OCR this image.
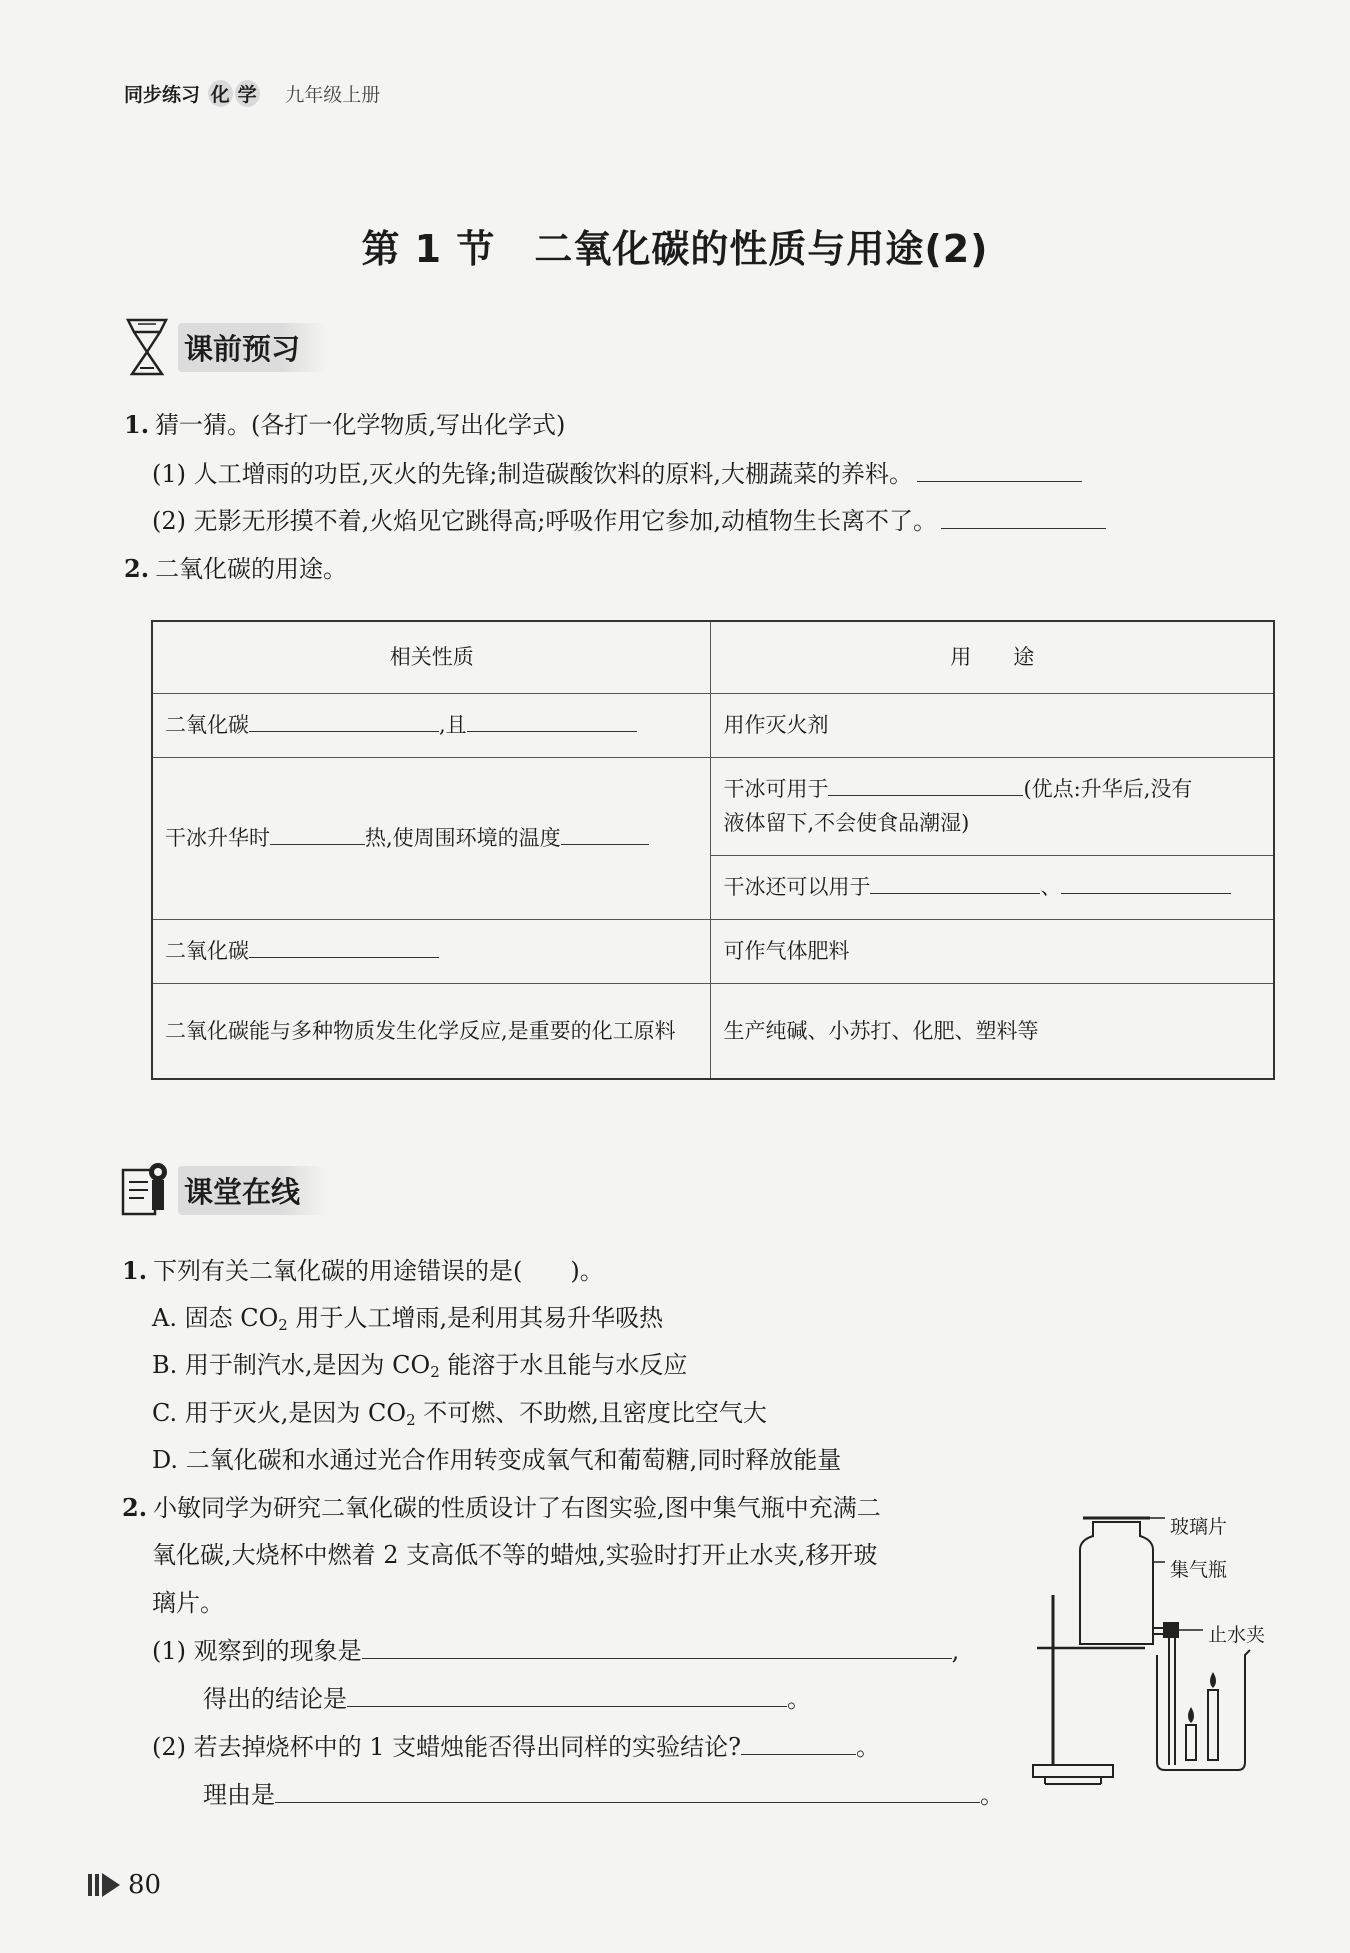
同步练习 化 学 九年级上册
第 1 节　二氧化碳的性质与用途(2)
课前预习
1. 猜一猜。(各打一化学物质,写出化学式)
(1) 人工增雨的功臣,灭火的先锋;制造碳酸饮料的原料,大棚蔬菜的养料。
(2) 无影无形摸不着,火焰见它跳得高;呼吸作用它参加,动植物生长离不了。
2. 二氧化碳的用途。
相关性质	用　　途
二氧化碳 ,且	用作灭火剂
干冰升华时 热,使周围环境的温度	干冰可用于 (优点:升华后,没有
液体留下,不会使食品潮湿)
	干冰还可以用于 、
二氧化碳	可作气体肥料
二氧化碳能与多种物质发生化学反应,是重要的化工原料	生产纯碱、小苏打、化肥、塑料等
课堂在线
1. 下列有关二氧化碳的用途错误的是(　　)。
A. 固态 $CO_2$ 用于人工增雨,是利用其易升华吸热
B. 用于制汽水,是因为 $CO_2$ 能溶于水且能与水反应
C. 用于灭火,是因为 $CO_2$ 不可燃、不助燃,且密度比空气大
D. 二氧化碳和水通过光合作用转变成氧气和葡萄糖,同时释放能量
2. 小敏同学为研究二氧化碳的性质设计了右图实验,图中集气瓶中充满二
氧化碳,大烧杯中燃着 2 支高低不等的蜡烛,实验时打开止水夹,移开玻
璃片。
(1) 观察到的现象是	,
得出的结论是	。
(2) 若去掉烧杯中的 1 支蜡烛能否得出同样的实验结论?	。
理由是	。
玻璃片
集气瓶
止水夹
80
